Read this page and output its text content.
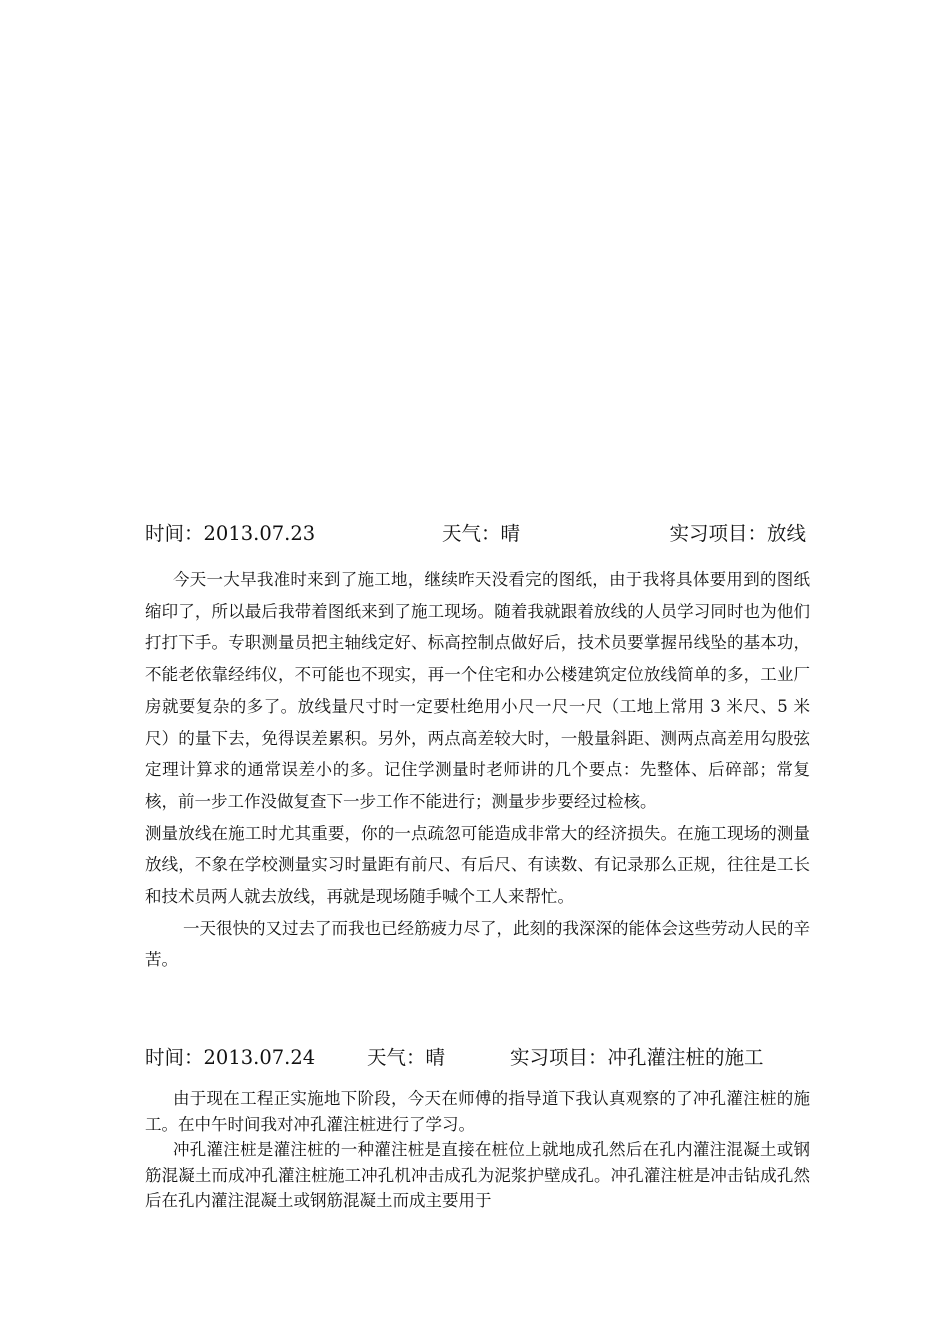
时间：2013.07.23	天气：晴	实习项目：放线

今天一大早我准时来到了施工地，继续昨天没看完的图纸，由于我将具体要用到的图纸缩印了，所以最后我带着图纸来到了施工现场。随着我就跟着放线的人员学习同时也为他们打打下手。专职测量员把主轴线定好、标高控制点做好后，技术员要掌握吊线坠的基本功，不能老依靠经纬仪，不可能也不现实，再一个住宅和办公楼建筑定位放线简单的多，工业厂房就要复杂的多了。放线量尺寸时一定要杜绝用小尺一尺一尺（工地上常用 3 米尺、5 米尺）的量下去，免得误差累积。另外，两点高差较大时，一般量斜距、测两点高差用勾股弦定理计算求的通常误差小的多。记住学测量时老师讲的几个要点：先整体、后碎部；常复核，前一步工作没做复查下一步工作不能进行；测量步步要经过检核。

测量放线在施工时尤其重要，你的一点疏忽可能造成非常大的经济损失。在施工现场的测量放线，不象在学校测量实习时量距有前尺、有后尺、有读数、有记录那么正规，往往是工长和技术员两人就去放线，再就是现场随手喊个工人来帮忙。

一天很快的又过去了而我也已经筋疲力尽了，此刻的我深深的能体会这些劳动人民的辛苦。

时间：2013.07.24	天气：晴	实习项目：冲孔灌注桩的施工

由于现在工程正实施地下阶段，今天在师傅的指导道下我认真观察的了冲孔灌注桩的施工。在中午时间我对冲孔灌注桩进行了学习。

冲孔灌注桩是灌注桩的一种灌注桩是直接在桩位上就地成孔然后在孔内灌注混凝土或钢筋混凝土而成冲孔灌注桩施工冲孔机冲击成孔为泥浆护壁成孔。冲孔灌注桩是冲击钻成孔然后在孔内灌注混凝土或钢筋混凝土而成主要用于
